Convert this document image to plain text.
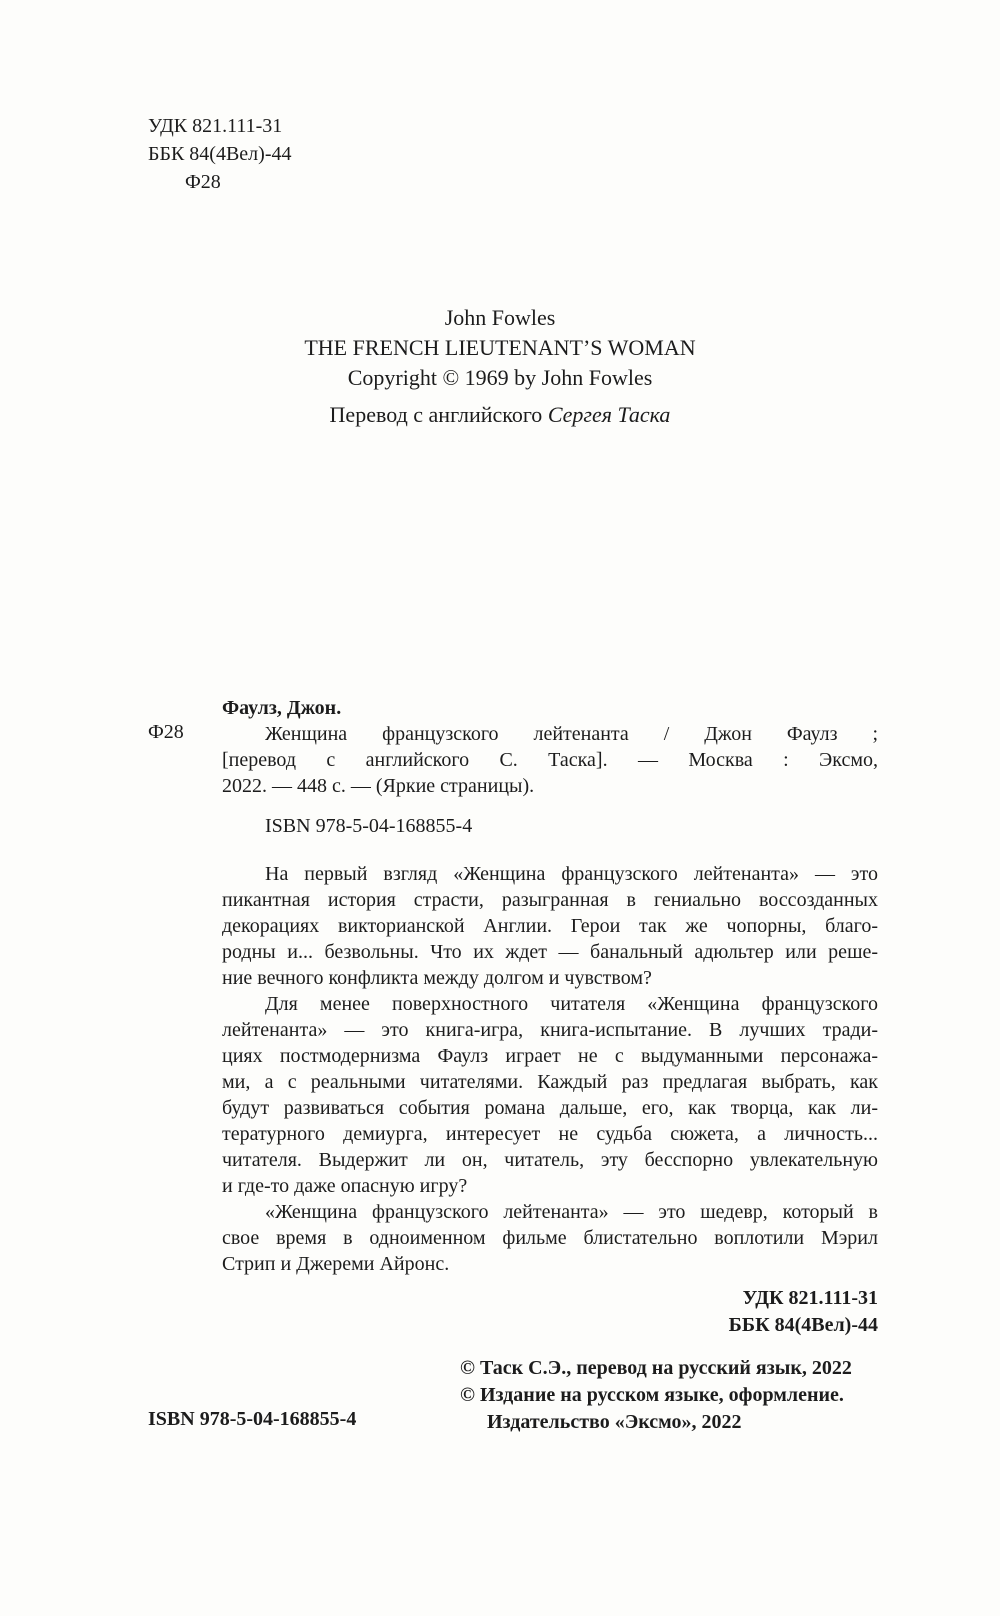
УДК 821.111-31
ББК 84(4Вел)-44
Ф28
John Fowles
THE FRENCH LIEUTENANT’S WOMAN
Copyright © 1969 by John Fowles
Перевод с английского Сергея Таска
Ф28
Фаулз, Джон.
Женщина французского лейтенанта / Джон Фаулз ;
[перевод с английского С. Таска]. — Москва : Эксмо,
2022. — 448 с. — (Яркие страницы).
ISBN 978-5-04-168855-4
На первый взгляд «Женщина французского лейтенанта» — это
пикантная история страсти, разыгранная в гениально воссозданных
декорациях викторианской Англии. Герои так же чопорны, благо-
родны и... безвольны. Что их ждет — банальный адюльтер или реше-
ние вечного конфликта между долгом и чувством?
Для менее поверхностного читателя «Женщина французского
лейтенанта» — это книга-игра, книга-испытание. В лучших тради-
циях постмодернизма Фаулз играет не с выдуманными персонажа-
ми, а с реальными читателями. Каждый раз предлагая выбрать, как
будут развиваться события романа дальше, его, как творца, как ли-
тературного демиурга, интересует не судьба сюжета, а личность...
читателя. Выдержит ли он, читатель, эту бесспорно увлекательную
и где-то даже опасную игру?
«Женщина французского лейтенанта» — это шедевр, который в
свое время в одноименном фильме блистательно воплотили Мэрил
Стрип и Джереми Айронс.
УДК 821.111-31
ББК 84(4Вел)-44
© Таск С.Э., перевод на русский язык, 2022
© Издание на русском языке, оформление.
Издательство «Эксмо», 2022
ISBN 978-5-04-168855-4
